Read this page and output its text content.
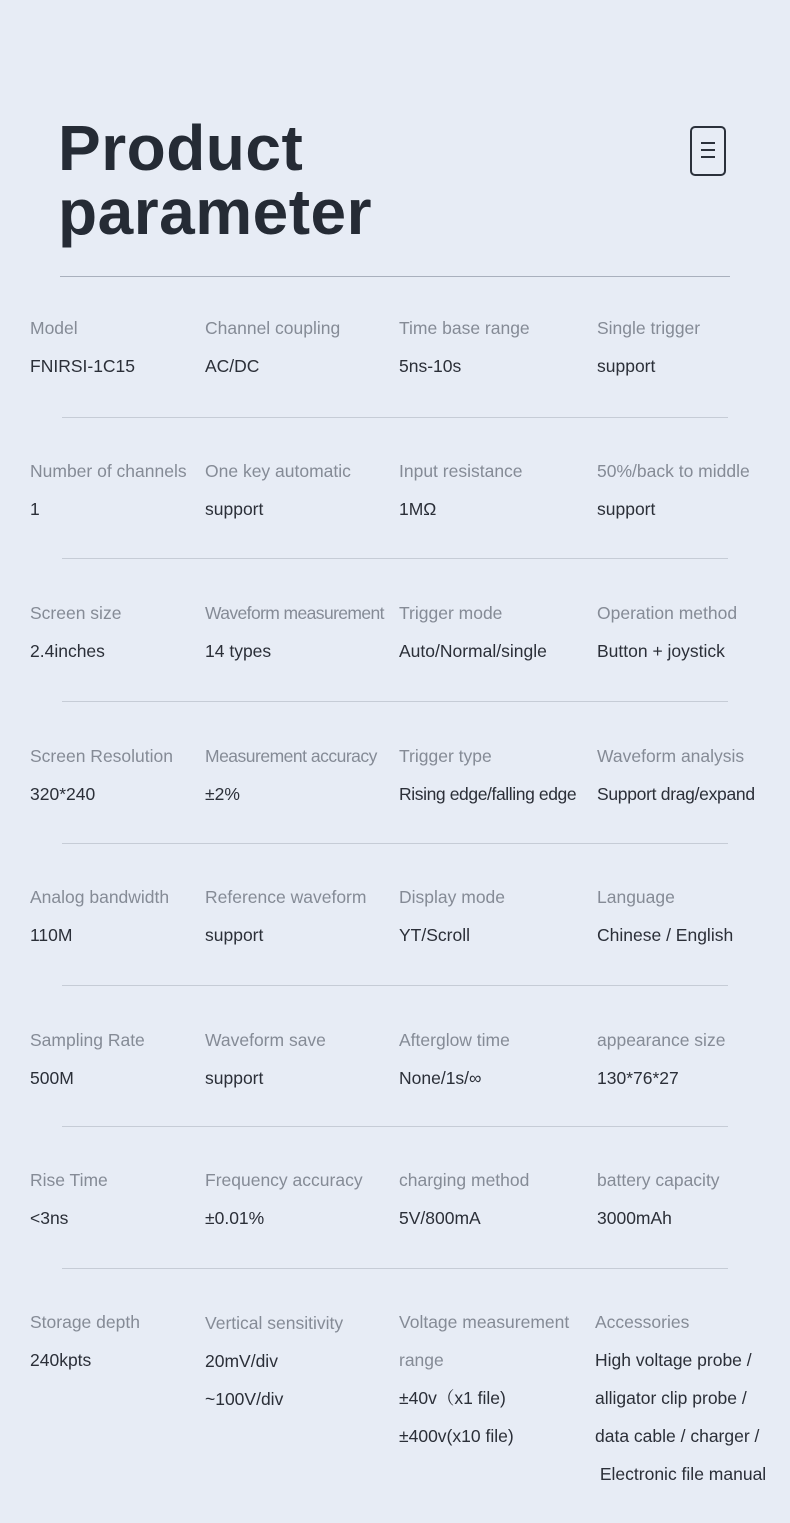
Product
parameter
Model
FNIRSI-1C15
Channel coupling
AC/DC
Time base range
5ns-10s
Single trigger
support
Number of channels
1
One key automatic
support
Input resistance
1MΩ
50%/back to middle
support
Screen size
2.4inches
Waveform measurement
14 types
Trigger mode
Auto/Normal/single
Operation method
Button + joystick
Screen Resolution
320*240
Measurement accuracy
±2%
Trigger type
Rising edge/falling edge
Waveform analysis
Support drag/expand
Analog bandwidth
110M
Reference waveform
support
Display mode
YT/Scroll
Language
Chinese / English
Sampling Rate
500M
Waveform save
support
Afterglow time
None/1s/∞
appearance size
130*76*27
Rise Time
<3ns
Frequency accuracy
±0.01%
charging method
5V/800mA
battery capacity
3000mAh
Storage depth
240kpts
Vertical sensitivity
20mV/div
~100V/div
Voltage measurement
range
±40v（x1 file)
±400v(x10 file)
Accessories
High voltage probe /
alligator clip probe /
data cable / charger /
Electronic file manual
